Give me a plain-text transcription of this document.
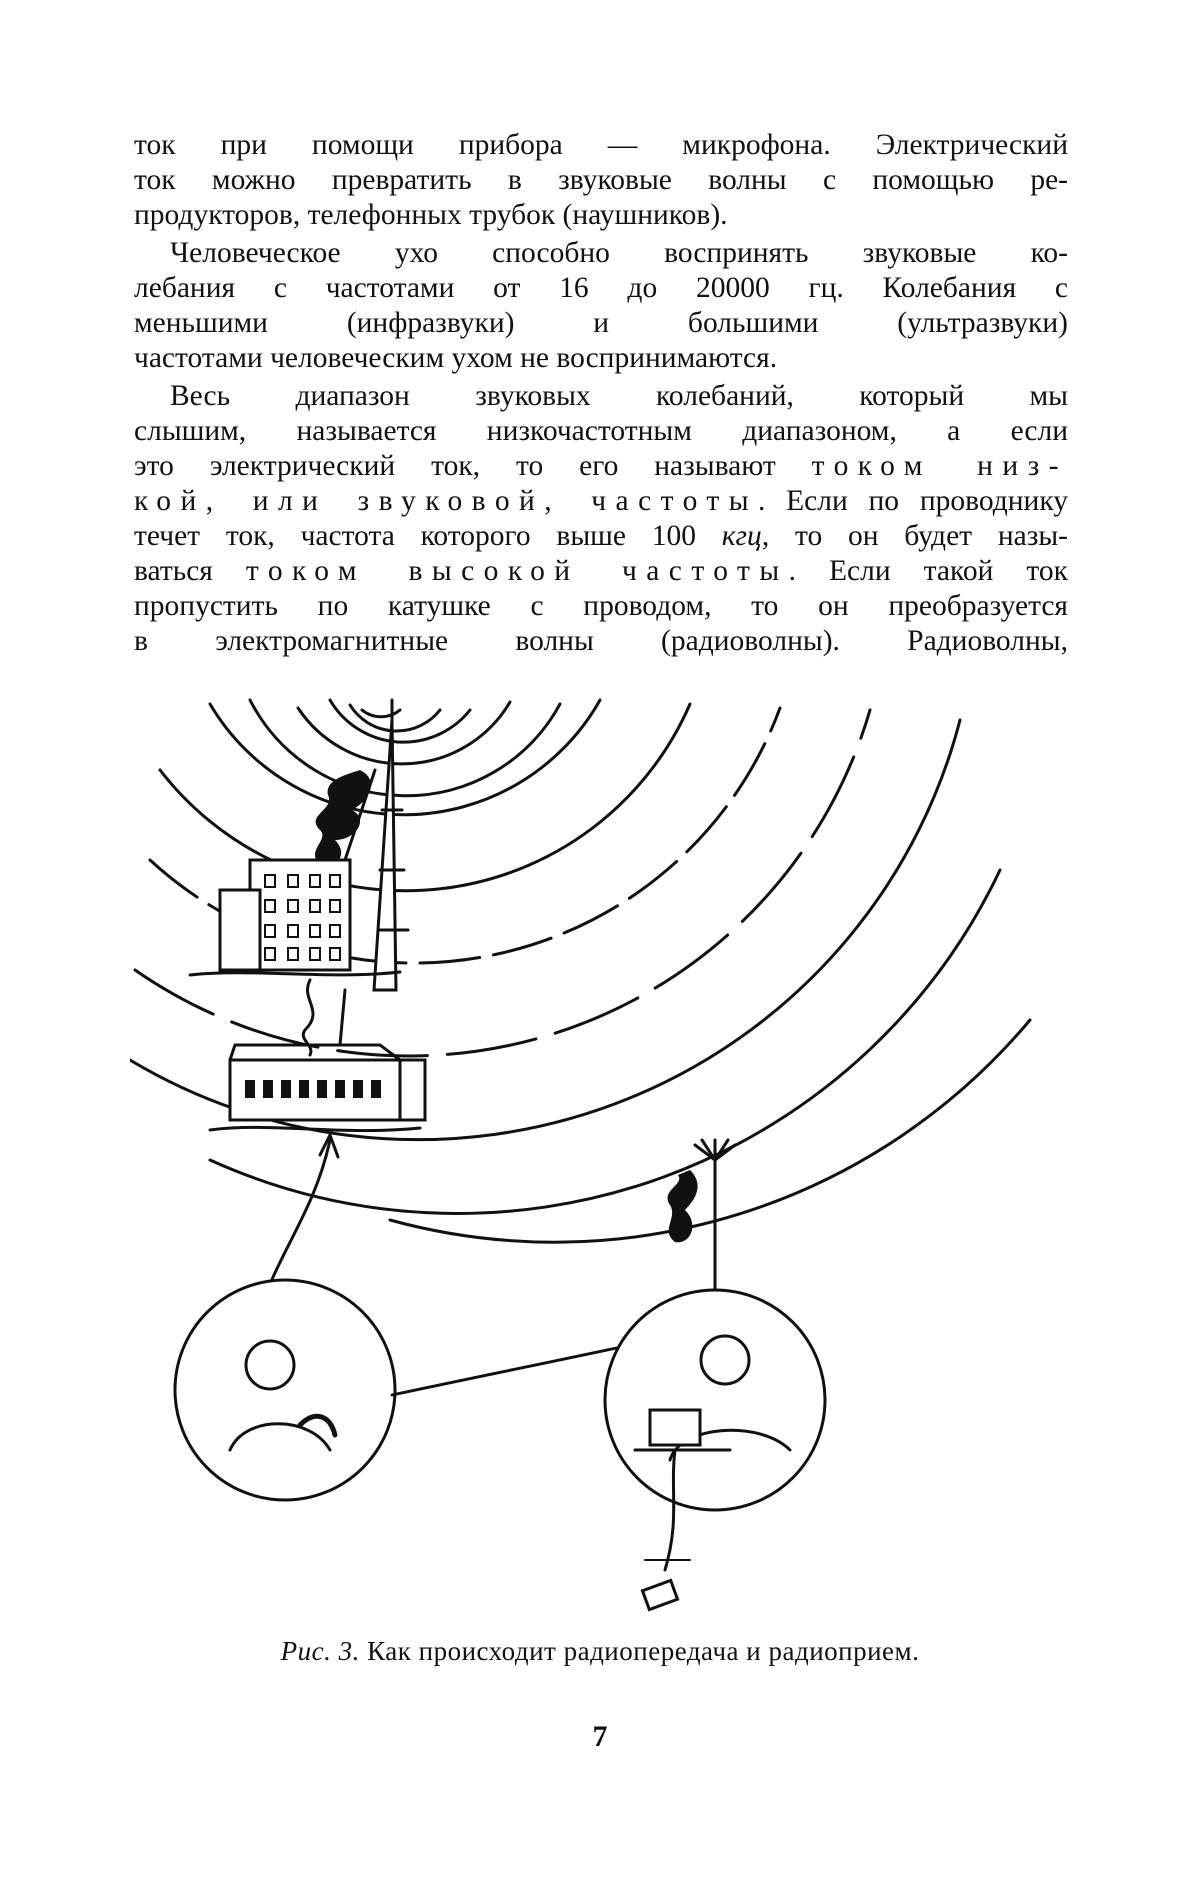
ток при помощи прибора — микрофона. Электрический
ток можно превратить в звуковые волны с помощью ре-
продукторов, телефонных трубок (наушников).
Человеческое ухо способно воспринять звуковые ко-
лебания с частотами от 16 до 20000 гц. Колебания с
меньшими (инфразвуки) и большими (ультразвуки)
частотами человеческим ухом не воспринимаются.
Весь диапазон звуковых колебаний, который мы
слышим, называется низкочастотным диапазоном, а если
это электрический ток, то его называют током низ-
кой, или звуковой, частоты. Если по проводнику
течет ток, частота которого выше 100 кгц, то он будет назы-
ваться током высокой частоты. Если такой ток
пропустить по катушке с проводом, то он преобразуется
в электромагнитные волны (радиоволны). Радиоволны,
Рис. 3. Как происходит радиопередача и радиоприем.
7
